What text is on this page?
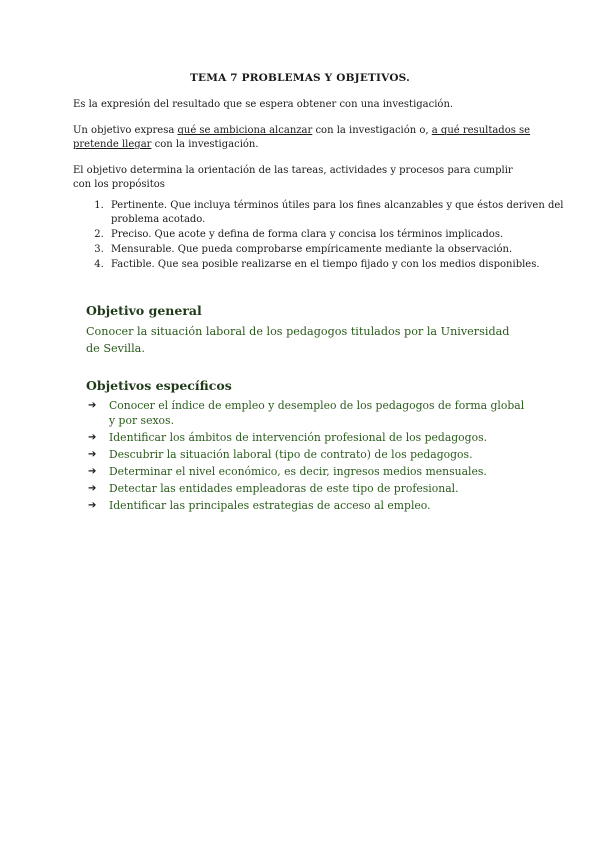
TEMA 7 PROBLEMAS Y OBJETIVOS.

Es la expresión del resultado que se espera obtener con una investigación.

Un objetivo expresa qué se ambiciona alcanzar con la investigación o, a qué resultados se pretende llegar con la investigación.

El objetivo determina la orientación de las tareas, actividades y procesos para cumplir con los propósitos

1. Pertinente. Que incluya términos útiles para los fines alcanzables y que éstos deriven del problema acotado.
2. Preciso. Que acote y defina de forma clara y concisa los términos implicados.
3. Mensurable. Que pueda comprobarse empíricamente mediante la observación.
4. Factible. Que sea posible realizarse en el tiempo fijado y con los medios disponibles.
Objetivo general

Conocer la situación laboral de los pedagogos titulados por la Universidad de Sevilla.

Objetivos específicos
➔ Conocer el índice de empleo y desempleo de los pedagogos de forma global y por sexos.
➔ Identificar los ámbitos de intervención profesional de los pedagogos.
➔ Descubrir la situación laboral (tipo de contrato) de los pedagogos.
➔ Determinar el nivel económico, es decir, ingresos medios mensuales.
➔ Detectar las entidades empleadoras de este tipo de profesional.
➔ Identificar las principales estrategias de acceso al empleo.
